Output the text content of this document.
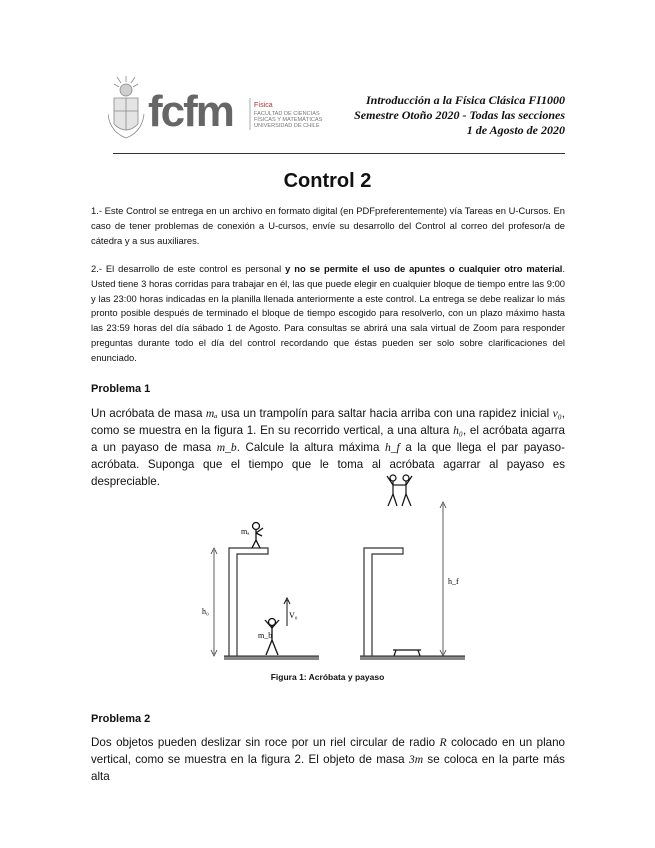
fcfm	Física
FACULTAD DE CIENCIAS
FÍSICAS Y MATEMÁTICAS
UNIVERSIDAD DE CHILE
Introducción a la Física Clásica FI1000
Semestre Otoño 2020 - Todas las secciones
1 de Agosto de 2020
Control 2
1.- Este Control se entrega en un archivo en formato digital (en PDFpreferentemente) vía Tareas en U-Cursos. En caso de tener problemas de conexión a U-cursos, envíe su desarrollo del Control al correo del profesor/a de cátedra y a sus auxiliares.
2.- El desarrollo de este control es personal y no se permite el uso de apuntes o cualquier otro material. Usted tiene 3 horas corridas para trabajar en él, las que puede elegir en cualquier bloque de tiempo entre las 9:00 y las 23:00 horas indicadas en la planilla llenada anteriormente a este control. La entrega se debe realizar lo más pronto posible después de terminado el bloque de tiempo escogido para resolverlo, con un plazo máximo hasta las 23:59 horas del día sábado 1 de Agosto. Para consultas se abrirá una sala virtual de Zoom para responder preguntas durante todo el día del control recordando que éstas pueden ser solo sobre clarificaciones del enunciado.
Problema 1
Un acróbata de masa mₐ usa un trampolín para saltar hacia arriba con una rapidez inicial v₀, como se muestra en la figura 1. En su recorrido vertical, a una altura h₀, el acróbata agarra a un payaso de masa m_b. Calcule la altura máxima h_f a la que llega el par payaso-acróbata. Suponga que el tiempo que le toma al acróbata agarrar al payaso es despreciable.
mₐ
h₀
m_b
V₀
h_f
Figura 1: Acróbata y payaso
Problema 2
Dos objetos pueden deslizar sin roce por un riel circular de radio R colocado en un plano vertical, como se muestra en la figura 2. El objeto de masa 3m se coloca en la parte más alta
